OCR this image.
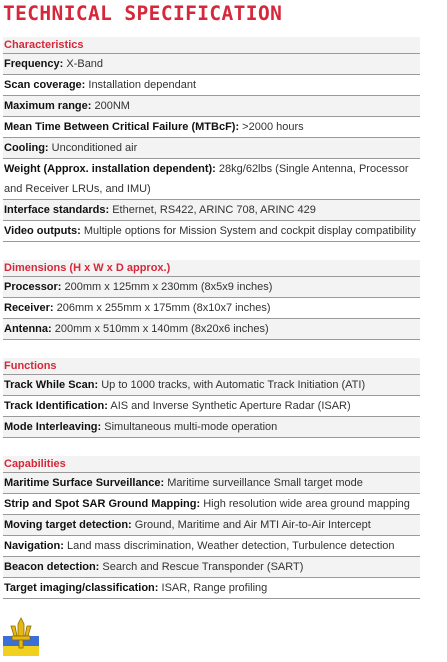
TECHNICAL SPECIFICATION
Characteristics
Frequency: X-Band
Scan coverage: Installation dependant
Maximum range: 200NM
Mean Time Between Critical Failure (MTBcF): >2000 hours
Cooling: Unconditioned air
Weight (Approx. installation dependent): 28kg/62lbs (Single Antenna, Processor and Receiver LRUs, and IMU)
Interface standards: Ethernet, RS422, ARINC 708, ARINC 429
Video outputs: Multiple options for Mission System and cockpit display compatibility
Dimensions (H x W x D approx.)
Processor: 200mm x 125mm x 230mm (8x5x9 inches)
Receiver: 206mm x 255mm x 175mm (8x10x7 inches)
Antenna: 200mm x 510mm x 140mm (8x20x6 inches)
Functions
Track While Scan: Up to 1000 tracks, with Automatic Track Initiation (ATI)
Track Identification: AIS and Inverse Synthetic Aperture Radar (ISAR)
Mode Interleaving: Simultaneous multi-mode operation
Capabilities
Maritime Surface Surveillance: Maritime surveillance Small target mode
Strip and Spot SAR Ground Mapping: High resolution wide area ground mapping
Moving target detection: Ground, Maritime and Air MTI Air-to-Air Intercept
Navigation: Land mass discrimination, Weather detection, Turbulence detection
Beacon detection: Search and Rescue Transponder (SART)
Target imaging/classification: ISAR, Range profiling
